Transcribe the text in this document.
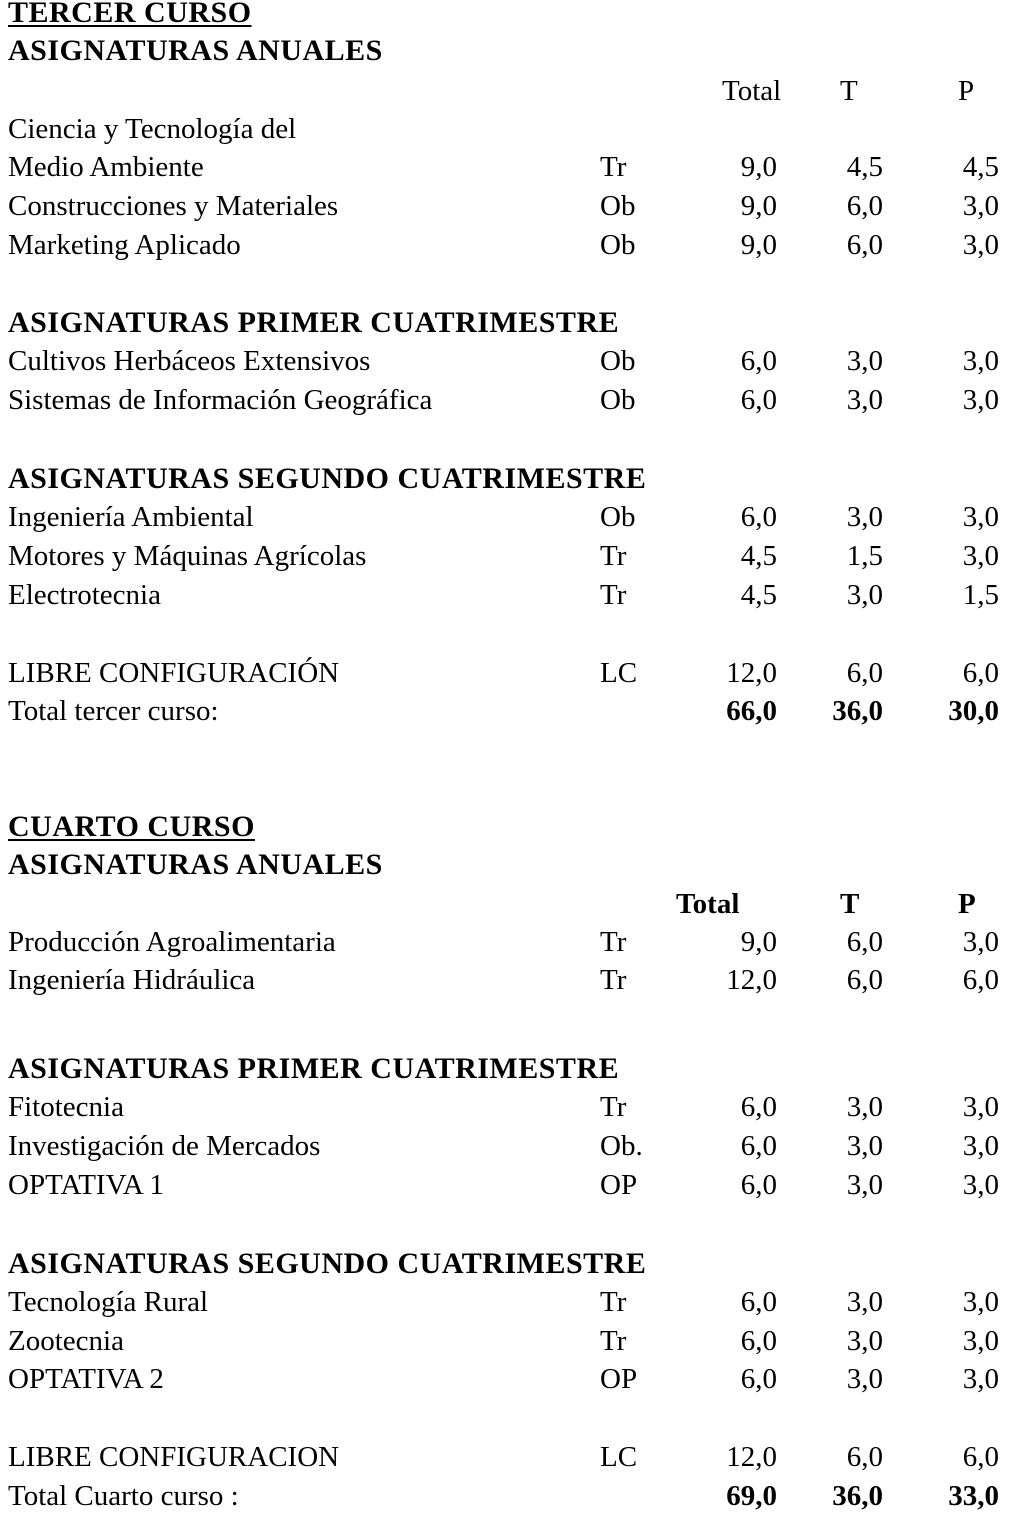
TERCER CURSO
ASIGNATURAS ANUALES
Total T	P
Ciencia y Tecnología del
Medio Ambiente	Tr	9,0 4,5	4,5
Construcciones y Materiales	Ob	9,0 6,0	3,0
Marketing Aplicado	Ob	9,0 6,0	3,0
ASIGNATURAS PRIMER CUATRIMESTRE
Cultivos Herbáceos Extensivos	Ob	6,0 3,0	3,0
Sistemas de Información Geográfica	Ob	6,0 3,0	3,0
ASIGNATURAS SEGUNDO CUATRIMESTRE
Ingeniería Ambiental	Ob	6,0 3,0	3,0
Motores y Máquinas Agrícolas	Tr	4,5 1,5	3,0
Electrotecnia	Tr	4,5 3,0	1,5
LIBRE CONFIGURACIÓN	LC	12,0 6,0	6,0
Total tercer curso:	66,0 36,0 30,0
CUARTO CURSO
ASIGNATURAS ANUALES
Total	T	P
Producción Agroalimentaria	Tr	9,0 6,0	3,0
Ingeniería Hidráulica	Tr	12,0 6,0	6,0
ASIGNATURAS PRIMER CUATRIMESTRE
Fitotecnia	Tr	6,0 3,0	3,0
Investigación de Mercados	Ob.	6,0 3,0	3,0
OPTATIVA 1	OP	6,0 3,0	3,0
ASIGNATURAS SEGUNDO CUATRIMESTRE
Tecnología Rural	Tr	6,0 3,0	3,0
Zootecnia	Tr	6,0 3,0	3,0
OPTATIVA 2	OP	6,0 3,0	3,0
LIBRE CONFIGURACION	LC	12,0 6,0	6,0
Total Cuarto curso :	69,0 36,0 33,0
